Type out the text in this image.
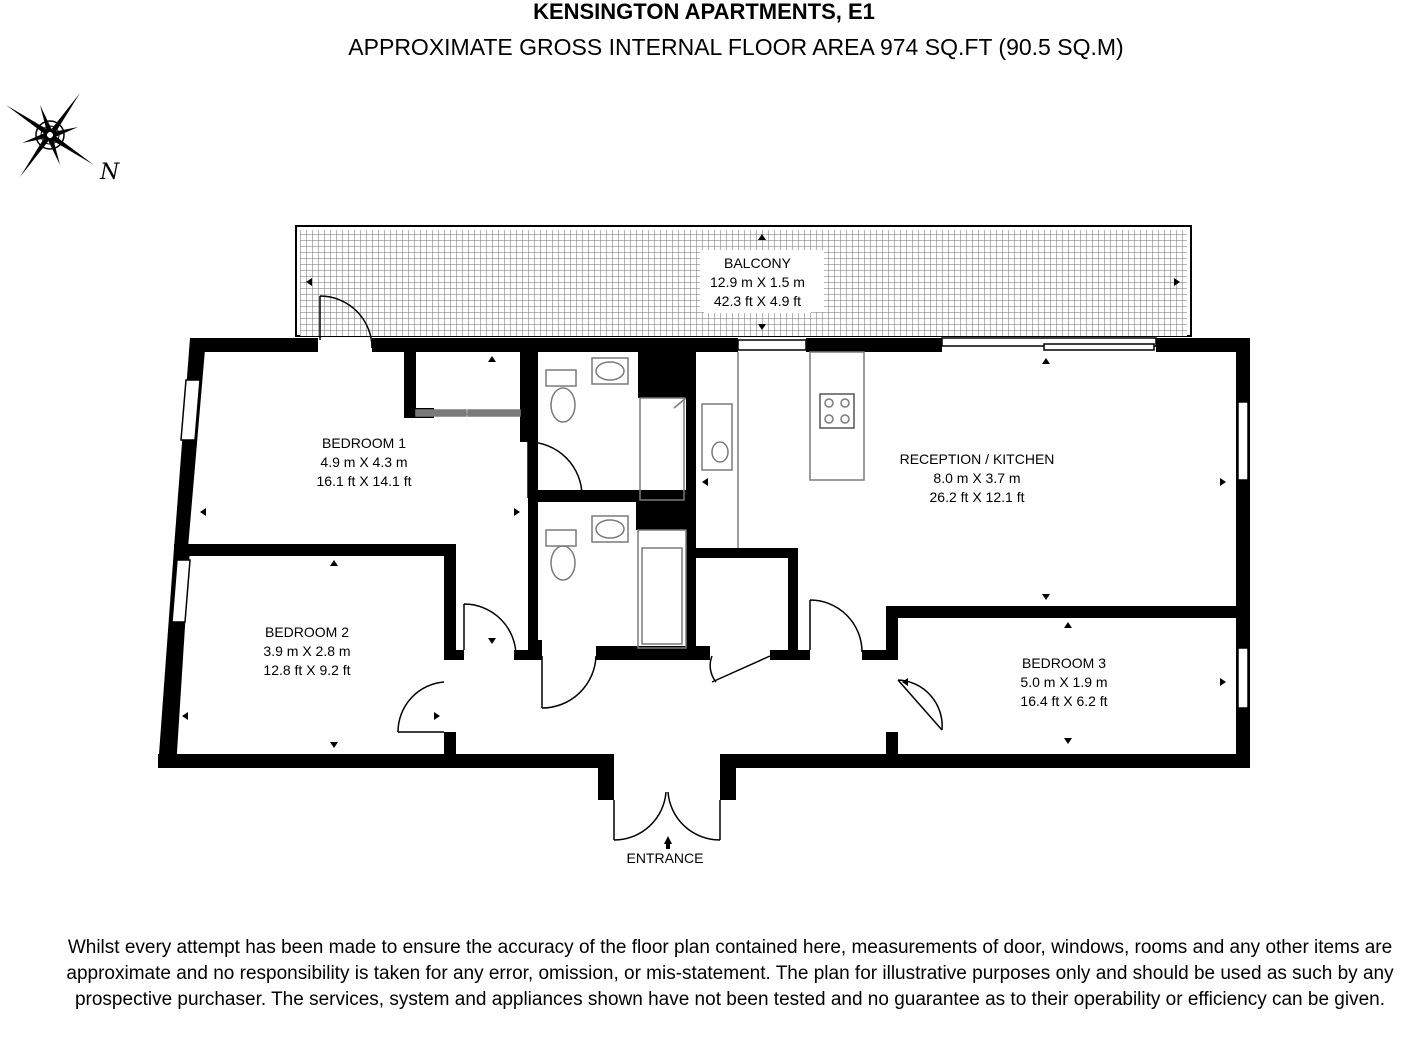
KENSINGTON APARTMENTS, E1
APPROXIMATE GROSS INTERNAL FLOOR AREA 974 SQ.FT (90.5 SQ.M)
N
BALCONY
12.9 m X 1.5 m
42.3 ft X 4.9 ft
BEDROOM 1
4.9 m X 4.3 m
16.1 ft X 14.1 ft
BEDROOM 2
3.9 m X 2.8 m
12.8 ft X 9.2 ft
RECEPTION / KITCHEN
8.0 m X 3.7 m
26.2 ft X 12.1 ft
BEDROOM 3
5.0 m X 1.9 m
16.4 ft X 6.2 ft
ENTRANCE
Whilst every attempt has been made to ensure the accuracy of the floor plan contained here, measurements of door, windows, rooms and any other items are approximate and no responsibility is taken for any error, omission, or mis-statement. The plan for illustrative purposes only and should be used as such by any prospective purchaser. The services, system and appliances shown have not been tested and no guarantee as to their operability or efficiency can be given.
